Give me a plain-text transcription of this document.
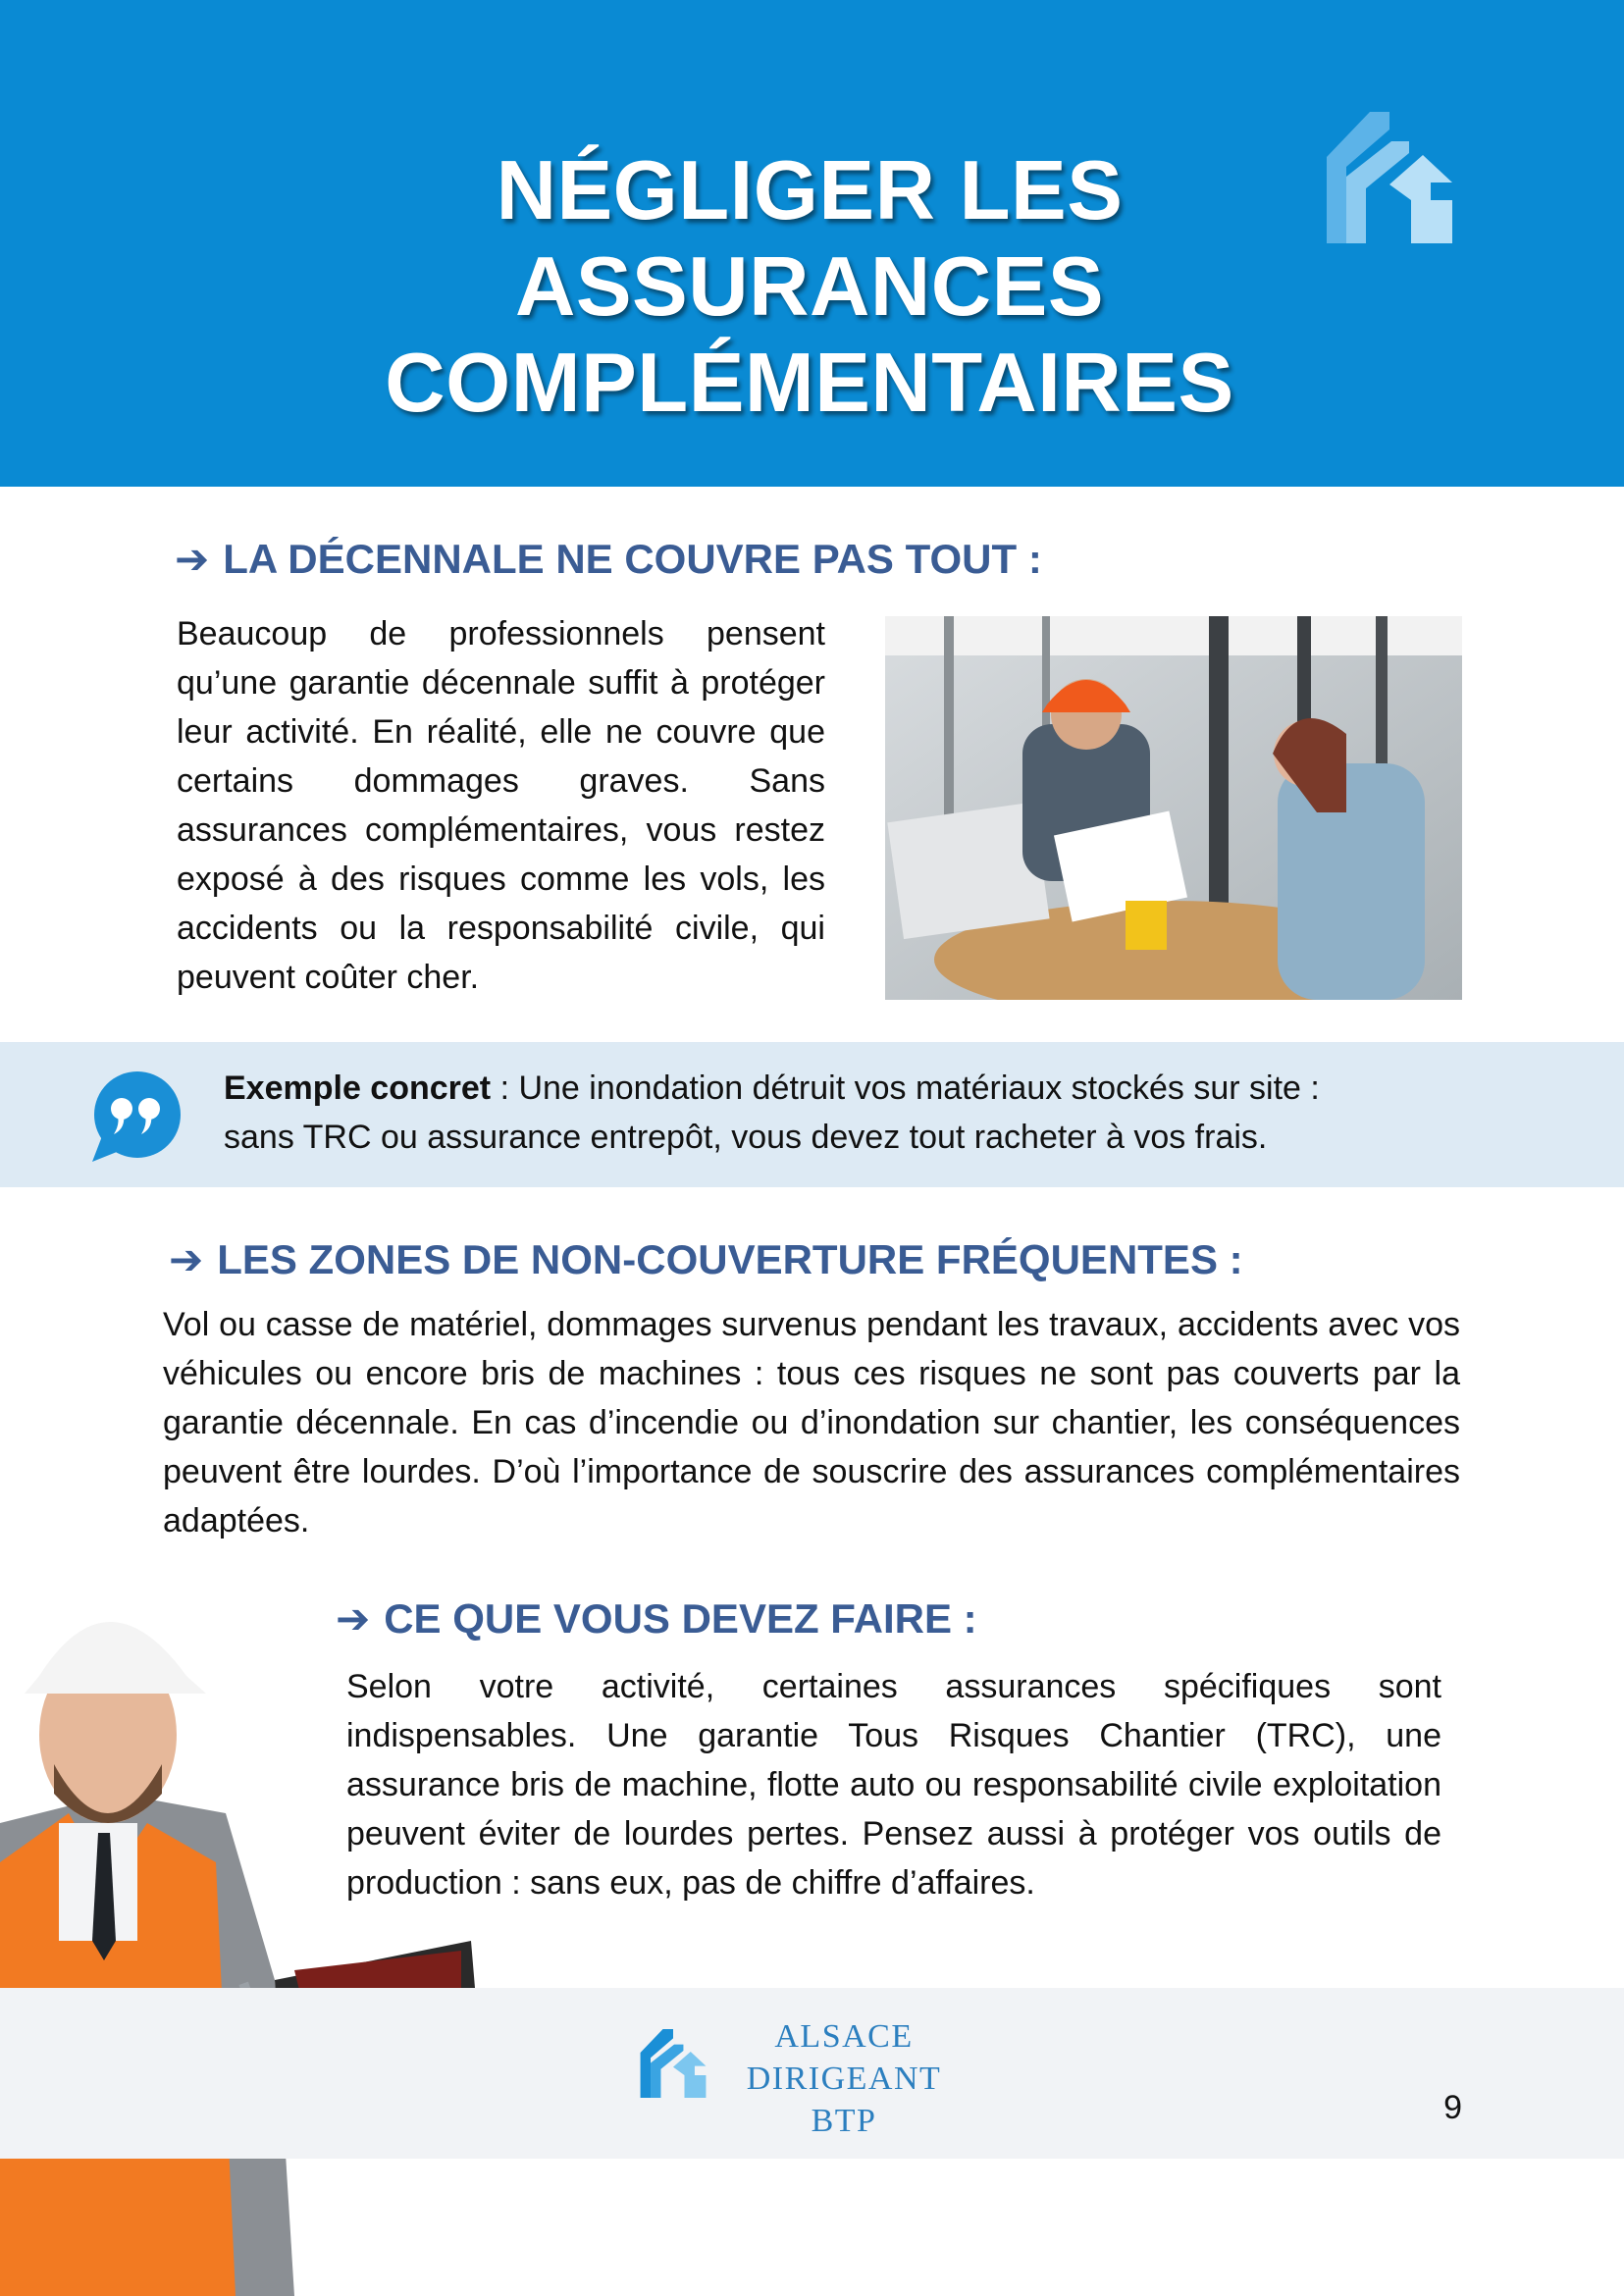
NÉGLIGER LES
ASSURANCES
COMPLÉMENTAIRES
➔ LA DÉCENNALE NE COUVRE PAS TOUT :

Beaucoup de professionnels pensent qu’une garantie décennale suffit à protéger leur activité. En réalité, elle ne couvre que certains dommages graves. Sans assurances complémentaires, vous restez exposé à des risques comme les vols, les accidents ou la responsabilité civile, qui peuvent coûter cher.

Exemple concret : Une inondation détruit vos matériaux stockés sur site :
sans TRC ou assurance entrepôt, vous devez tout racheter à vos frais.

➔ LES ZONES DE NON-COUVERTURE FRÉQUENTES :

Vol ou casse de matériel, dommages survenus pendant les travaux, accidents avec vos véhicules ou encore bris de machines : tous ces risques ne sont pas couverts par la garantie décennale. En cas d’incendie ou d’inondation sur chantier, les conséquences peuvent être lourdes. D’où l’importance de souscrire des assurances complémentaires adaptées.

➔ CE QUE VOUS DEVEZ FAIRE :

Selon votre activité, certaines assurances spécifiques sont indispensables. Une garantie Tous Risques Chantier (TRC), une assurance bris de machine, flotte auto ou responsabilité civile exploitation peuvent éviter de lourdes pertes. Pensez aussi à protéger vos outils de production : sans eux, pas de chiffre d’affaires.

ALSACE
DIRIGEANT
BTP	9
